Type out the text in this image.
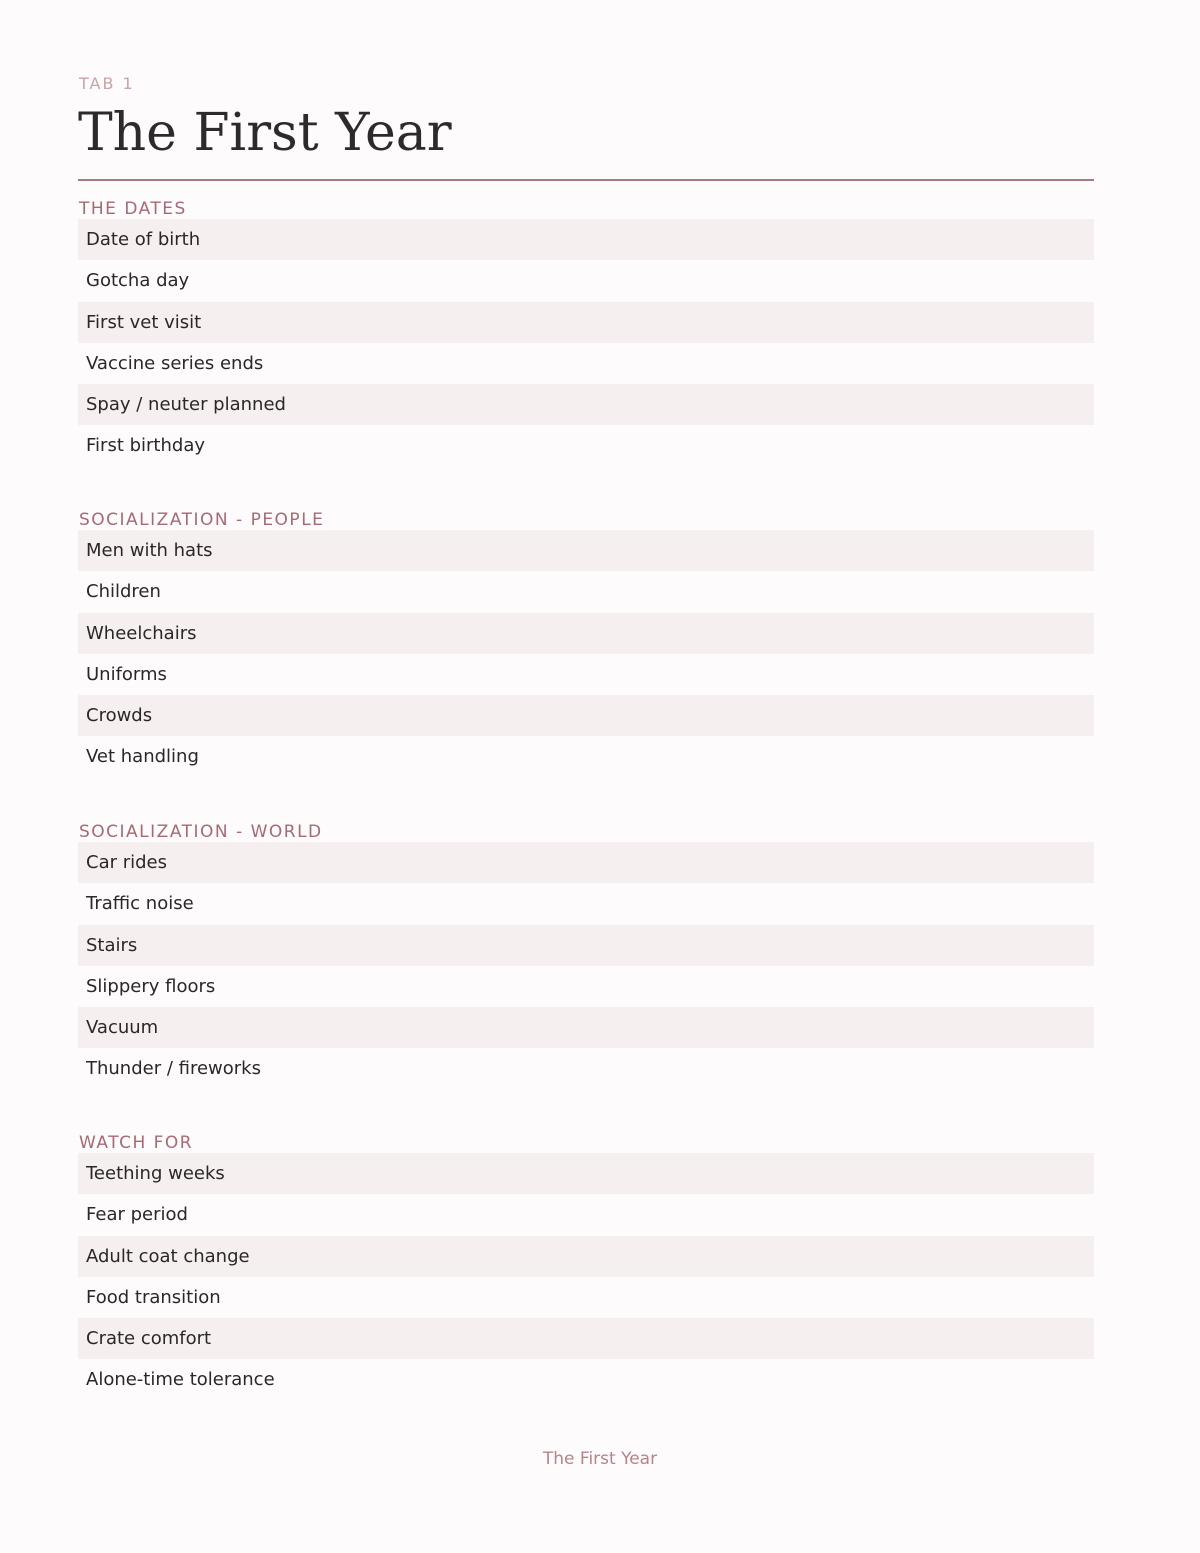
TAB 1
The First Year
THE DATES
Date of birth
Gotcha day
First vet visit
Vaccine series ends
Spay / neuter planned
First birthday
SOCIALIZATION - PEOPLE
Men with hats
Children
Wheelchairs
Uniforms
Crowds
Vet handling
SOCIALIZATION - WORLD
Car rides
Traffic noise
Stairs
Slippery floors
Vacuum
Thunder / fireworks
WATCH FOR
Teething weeks
Fear period
Adult coat change
Food transition
Crate comfort
Alone-time tolerance
The First Year
